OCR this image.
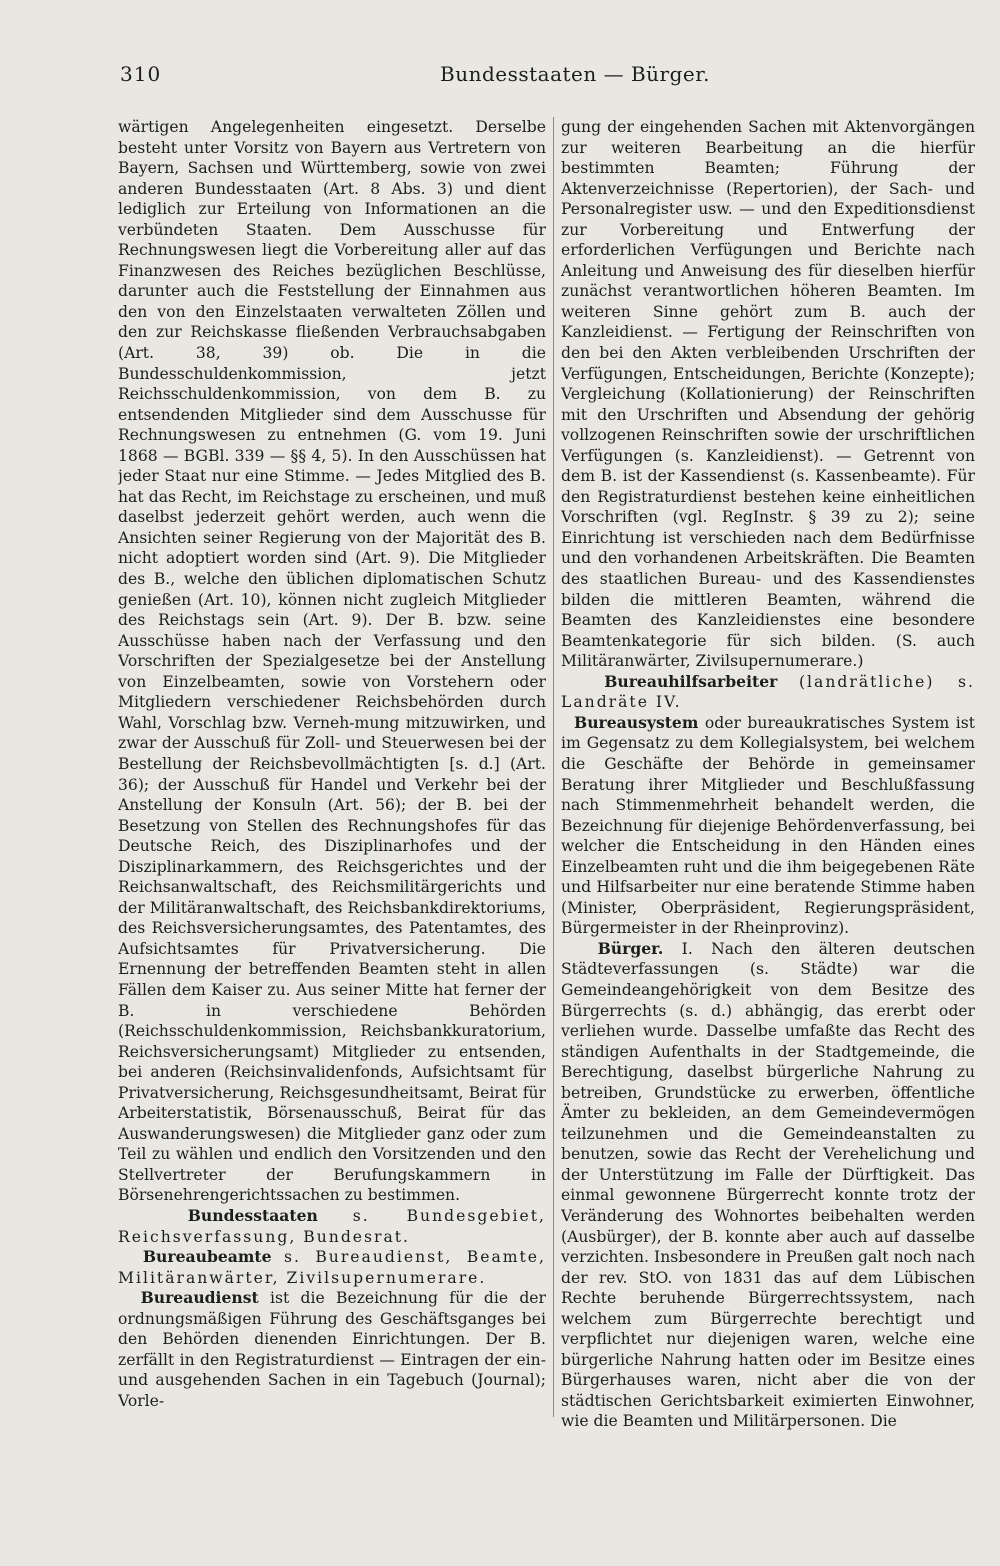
310	Bundesstaaten — Bürger.

wärtigen Angelegenheiten eingesetzt. Derselbe besteht unter Vorsitz von Bayern aus Vertretern von Bayern, Sachsen und Württemberg, sowie von zwei anderen Bundesstaaten (Art. 8 Abs. 3) und dient lediglich zur Erteilung von Informationen an die verbündeten Staaten. Dem Ausschusse für Rechnungswesen liegt die Vorbereitung aller auf das Finanzwesen des Reiches bezüglichen Beschlüsse, darunter auch die Feststellung der Einnahmen aus den von den Einzelstaaten verwalteten Zöllen und den zur Reichskasse fließenden Verbrauchsabgaben (Art. 38, 39) ob. Die in die Bundesschuldenkommission, jetzt Reichsschuldenkommission, von dem B. zu entsendenden Mitglieder sind dem Ausschusse für Rechnungswesen zu entnehmen (G. vom 19. Juni 1868 — BGBl. 339 — §§ 4, 5). In den Ausschüssen hat jeder Staat nur eine Stimme. — Jedes Mitglied des B. hat das Recht, im Reichstage zu erscheinen, und muß daselbst jederzeit gehört werden, auch wenn die Ansichten seiner Regierung von der Majorität des B. nicht adoptiert worden sind (Art. 9). Die Mitglieder des B., welche den üblichen diplomatischen Schutz genießen (Art. 10), können nicht zugleich Mitglieder des Reichstags sein (Art. 9). Der B. bzw. seine Ausschüsse haben nach der Verfassung und den Vorschriften der Spezialgesetze bei der Anstellung von Einzelbeamten, sowie von Vorstehern oder Mitgliedern verschiedener Reichsbehörden durch Wahl, Vorschlag bzw. Verneh-mung mitzuwirken, und zwar der Ausschuß für Zoll- und Steuerwesen bei der Bestellung der Reichsbevollmächtigten [s. d.] (Art. 36); der Ausschuß für Handel und Verkehr bei der Anstellung der Konsuln (Art. 56); der B. bei der Besetzung von Stellen des Rechnungshofes für das Deutsche Reich, des Disziplinarhofes und der Disziplinarkammern, des Reichsgerichtes und der Reichsanwaltschaft, des Reichsmilitärgerichts und der Militäranwaltschaft, des Reichsbankdirektoriums, des Reichsversicherungsamtes, des Patentamtes, des Aufsichtsamtes für Privatversicherung. Die Ernennung der betreffenden Beamten steht in allen Fällen dem Kaiser zu. Aus seiner Mitte hat ferner der B. in verschiedene Behörden (Reichsschuldenkommission, Reichsbankkuratorium, Reichsversicherungsamt) Mitglieder zu entsenden, bei anderen (Reichsinvalidenfonds, Aufsichtsamt für Privatversicherung, Reichsgesundheitsamt, Beirat für Arbeiterstatistik, Börsenausschuß, Beirat für das Auswanderungswesen) die Mitglieder ganz oder zum Teil zu wählen und endlich den Vorsitzenden und den Stellvertreter der Berufungskammern in Börsenehrengerichtssachen zu bestimmen.

Bundesstaaten s. Bundesgebiet, Reichsverfassung, Bundesrat.

Bureaubeamte s. Bureaudienst, Beamte, Militäranwärter, Zivilsupernumerare.

Bureaudienst ist die Bezeichnung für die der ordnungsmäßigen Führung des Geschäftsganges bei den Behörden dienenden Einrichtungen. Der B. zerfällt in den Registraturdienst — Eintragen der ein- und ausgehenden Sachen in ein Tagebuch (Journal); Vorle-

gung der eingehenden Sachen mit Aktenvorgängen zur weiteren Bearbeitung an die hierfür bestimmten Beamten; Führung der Aktenverzeichnisse (Repertorien), der Sach- und Personalregister usw. — und den Expeditionsdienst zur Vorbereitung und Entwerfung der erforderlichen Verfügungen und Berichte nach Anleitung und Anweisung des für dieselben hierfür zunächst verantwortlichen höheren Beamten. Im weiteren Sinne gehört zum B. auch der Kanzleidienst. — Fertigung der Reinschriften von den bei den Akten verbleibenden Urschriften der Verfügungen, Entscheidungen, Berichte (Konzepte); Vergleichung (Kollationierung) der Reinschriften mit den Urschriften und Absendung der gehörig vollzogenen Reinschriften sowie der urschriftlichen Verfügungen (s. Kanzleidienst). — Getrennt von dem B. ist der Kassendienst (s. Kassenbeamte). Für den Registraturdienst bestehen keine einheitlichen Vorschriften (vgl. RegInstr. § 39 zu 2); seine Einrichtung ist verschieden nach dem Bedürfnisse und den vorhandenen Arbeitskräften. Die Beamten des staatlichen Bureau- und des Kassendienstes bilden die mittleren Beamten, während die Beamten des Kanzleidienstes eine besondere Beamtenkategorie für sich bilden. (S. auch Militäranwärter, Zivilsupernumerare.)

Bureauhilfsarbeiter (landrätliche) s. Landräte IV.

Bureausystem oder bureaukratisches System ist im Gegensatz zu dem Kollegialsystem, bei welchem die Geschäfte der Behörde in gemeinsamer Beratung ihrer Mitglieder und Beschlußfassung nach Stimmenmehrheit behandelt werden, die Bezeichnung für diejenige Behördenverfassung, bei welcher die Entscheidung in den Händen eines Einzelbeamten ruht und die ihm beigegebenen Räte und Hilfsarbeiter nur eine beratende Stimme haben (Minister, Oberpräsident, Regierungspräsident, Bürgermeister in der Rheinprovinz).

Bürger. I. Nach den älteren deutschen Städteverfassungen (s. Städte) war die Gemeindeangehörigkeit von dem Besitze des Bürgerrechts (s. d.) abhängig, das ererbt oder verliehen wurde. Dasselbe umfaßte das Recht des ständigen Aufenthalts in der Stadtgemeinde, die Berechtigung, daselbst bürgerliche Nahrung zu betreiben, Grundstücke zu erwerben, öffentliche Ämter zu bekleiden, an dem Gemeindevermögen teilzunehmen und die Gemeindeanstalten zu benutzen, sowie das Recht der Verehelichung und der Unterstützung im Falle der Dürftigkeit. Das einmal gewonnene Bürgerrecht konnte trotz der Veränderung des Wohnortes beibehalten werden (Ausbürger), der B. konnte aber auch auf dasselbe verzichten. Insbesondere in Preußen galt noch nach der rev. StO. von 1831 das auf dem Lübischen Rechte beruhende Bürgerrechtssystem, nach welchem zum Bürgerrechte berechtigt und verpflichtet nur diejenigen waren, welche eine bürgerliche Nahrung hatten oder im Besitze eines Bürgerhauses waren, nicht aber die von der städtischen Gerichtsbarkeit eximierten Einwohner, wie die Beamten und Militärpersonen. Die
